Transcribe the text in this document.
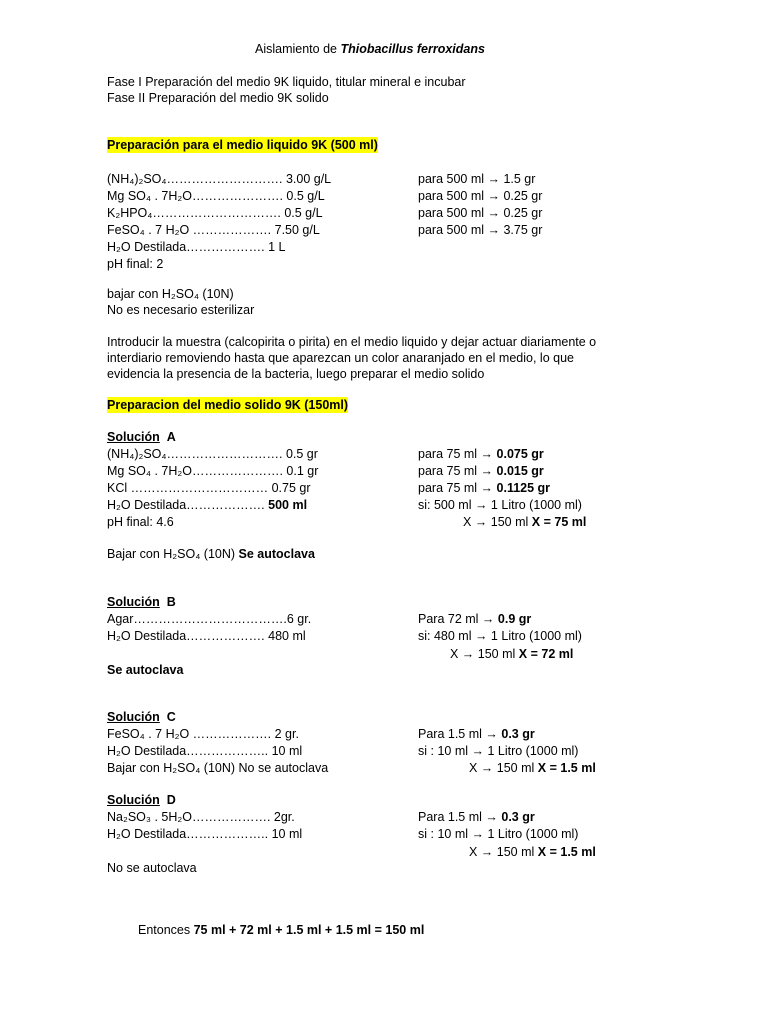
Aislamiento de Thiobacillus ferroxidans
Fase I Preparación del medio 9K liquido, titular mineral e incubar
Fase II Preparación del medio 9K solido
Preparación para el medio liquido 9K (500 ml)
(NH₄)₂SO₄………………………. 3.00 g/L	para 500 ml → 1.5 gr
Mg SO₄ . 7H₂O…………………. 0.5 g/L	para 500 ml → 0.25 gr
K₂HPO₄…………………………. 0.5 g/L	para 500 ml → 0.25 gr
FeSO₄ . 7 H₂O ………………. 7.50 g/L	para 500 ml → 3.75 gr
H₂O Destilada………………. 1 L
pH final: 2
bajar con H₂SO₄ (10N)
No es necesario esterilizar
Introducir la muestra (calcopirita o pirita) en el medio liquido y dejar actuar diariamente o
interdiario removiendo hasta que aparezcan un color anaranjado en el medio, lo que
evidencia la presencia de la bacteria, luego preparar el medio solido
Preparacion del medio solido 9K (150ml)
Solución A
(NH₄)₂SO₄………………………. 0.5 gr	para 75 ml → 0.075 gr
Mg SO₄ . 7H₂O…………………. 0.1 gr	para 75 ml → 0.015 gr
KCl …………………………… 0.75 gr	para 75 ml → 0.1125 gr
H₂O Destilada………………. 500 ml	si: 500 ml → 1 Litro (1000 ml)
pH final: 4.6	X → 150 ml X = 75 ml
Bajar con H₂SO₄ (10N) Se autoclava
Solución B
Agar……………………………….6 gr.	Para 72 ml → 0.9 gr
H₂O Destilada………………. 480 ml	si: 480 ml → 1 Litro (1000 ml)
X → 150 ml X = 72 ml
Se autoclava
Solución C
FeSO₄ . 7 H₂O ………………. 2 gr.	Para 1.5 ml → 0.3 gr
H₂O Destilada……………….. 10 ml	si : 10 ml → 1 Litro (1000 ml)
Bajar con H₂SO₄ (10N) No se autoclava	X → 150 ml X = 1.5 ml
Solución D
Na₂SO₃ . 5H₂O………………. 2gr.	Para 1.5 ml → 0.3 gr
H₂O Destilada……………….. 10 ml	si : 10 ml → 1 Litro (1000 ml)
X → 150 ml X = 1.5 ml
No se autoclava
Entonces 75 ml + 72 ml + 1.5 ml + 1.5 ml = 150 ml
